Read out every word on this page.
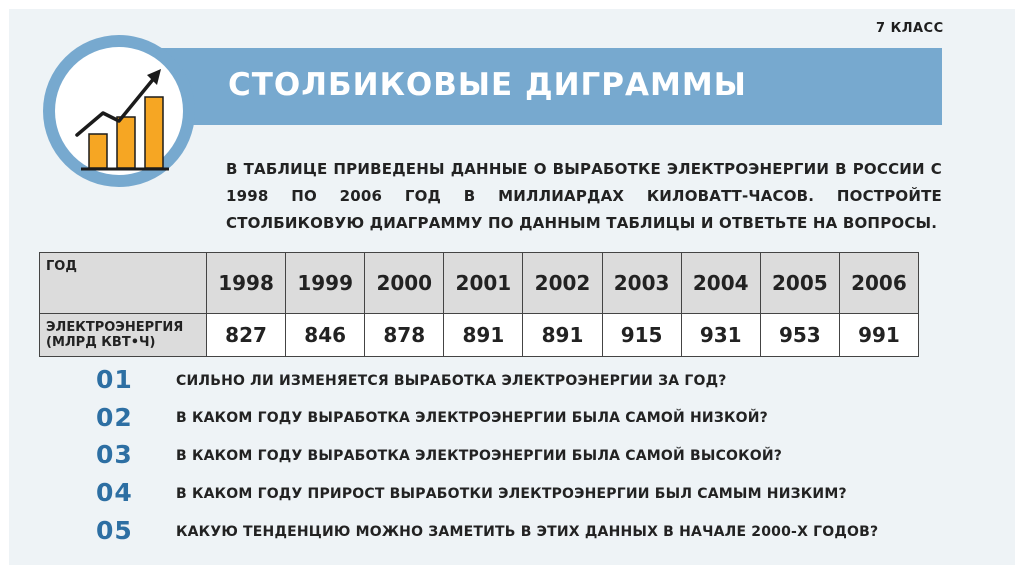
7 КЛАСС
СТОЛБИКОВЫЕ ДИГРАММЫ
В ТАБЛИЦЕ ПРИВЕДЕНЫ ДАННЫЕ О ВЫРАБОТКЕ ЭЛЕКТРОЭНЕРГИИ В РОССИИ С
1998 ПО 2006 ГОД В МИЛЛИАРДАХ КИЛОВАТТ-ЧАСОВ. ПОСТРОЙТЕ
СТОЛБИКОВУЮ ДИАГРАММУ ПО ДАННЫМ ТАБЛИЦЫ И ОТВЕТЬТЕ НА ВОПРОСЫ.
ГОД	1998	1999	2000	2001	2002	2003	2004	2005	2006

ЭЛЕКТРОЭНЕРГИЯ
(МЛРД КВТ•Ч)	827	846	878	891	891	915	931	953	991
01	СИЛЬНО ЛИ ИЗМЕНЯЕТСЯ ВЫРАБОТКА ЭЛЕКТРОЭНЕРГИИ ЗА ГОД?
02	В КАКОМ ГОДУ ВЫРАБОТКА ЭЛЕКТРОЭНЕРГИИ БЫЛА САМОЙ НИЗКОЙ?
03	В КАКОМ ГОДУ ВЫРАБОТКА ЭЛЕКТРОЭНЕРГИИ БЫЛА САМОЙ ВЫСОКОЙ?
04	В КАКОМ ГОДУ ПРИРОСТ ВЫРАБОТКИ ЭЛЕКТРОЭНЕРГИИ БЫЛ САМЫМ НИЗКИМ?
05	КАКУЮ ТЕНДЕНЦИЮ МОЖНО ЗАМЕТИТЬ В ЭТИХ ДАННЫХ В НАЧАЛЕ 2000-Х ГОДОВ?
